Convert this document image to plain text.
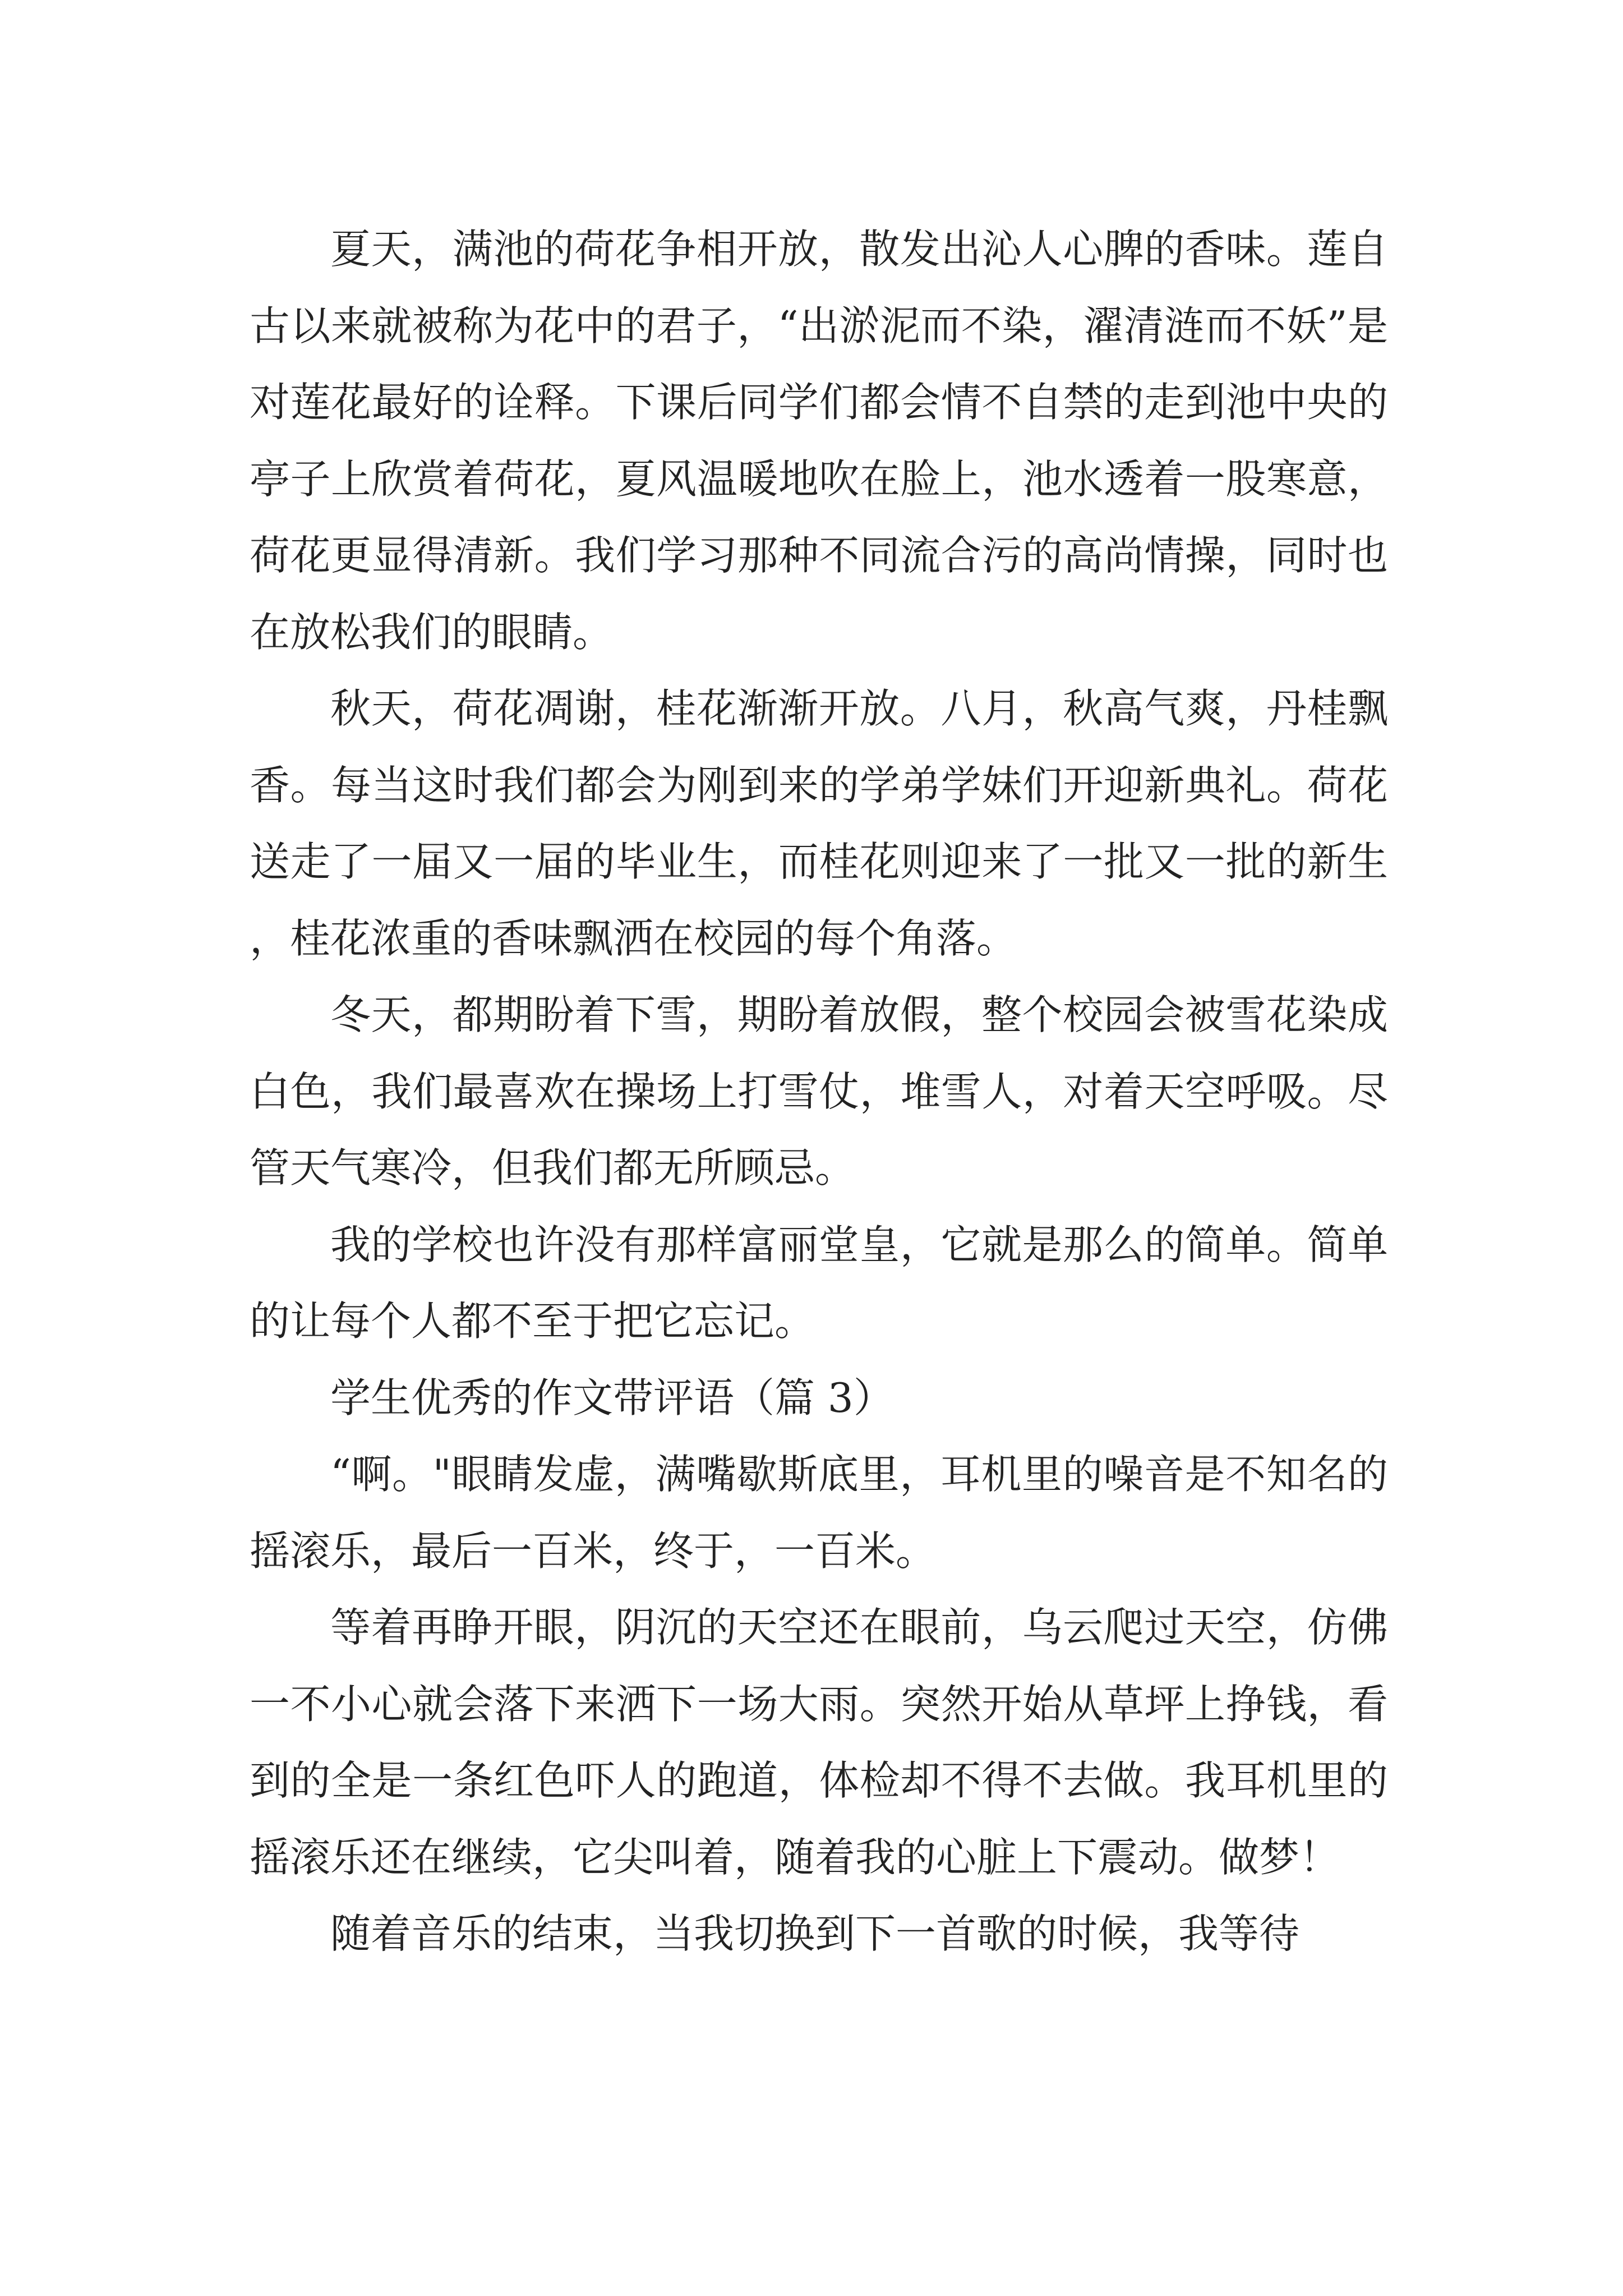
夏天，满池的荷花争相开放，散发出沁人心脾的香味。莲自古以来就被称为花中的君子，“出淤泥而不染，濯清涟而不妖”是对莲花最好的诠释。下课后同学们都会情不自禁的走到池中央的亭子上欣赏着荷花，夏风温暖地吹在脸上，池水透着一股寒意，荷花更显得清新。我们学习那种不同流合污的高尚情操，同时也在放松我们的眼睛。

秋天，荷花凋谢，桂花渐渐开放。八月，秋高气爽，丹桂飘香。每当这时我们都会为刚到来的学弟学妹们开迎新典礼。荷花送走了一届又一届的毕业生，而桂花则迎来了一批又一批的新生，桂花浓重的香味飘洒在校园的每个角落。

冬天，都期盼着下雪，期盼着放假，整个校园会被雪花染成白色，我们最喜欢在操场上打雪仗，堆雪人，对着天空呼吸。尽管天气寒冷，但我们都无所顾忌。

我的学校也许没有那样富丽堂皇，它就是那么的简单。简单的让每个人都不至于把它忘记。

学生优秀的作文带评语（篇 3）

“啊。"眼睛发虚，满嘴歇斯底里，耳机里的噪音是不知名的摇滚乐，最后一百米，终于，一百米。

等着再睁开眼，阴沉的天空还在眼前，乌云爬过天空，仿佛一不小心就会落下来洒下一场大雨。突然开始从草坪上挣钱，看到的全是一条红色吓人的跑道，体检却不得不去做。我耳机里的摇滚乐还在继续，它尖叫着，随着我的心脏上下震动。做梦！

随着音乐的结束，当我切换到下一首歌的时候，我等待
